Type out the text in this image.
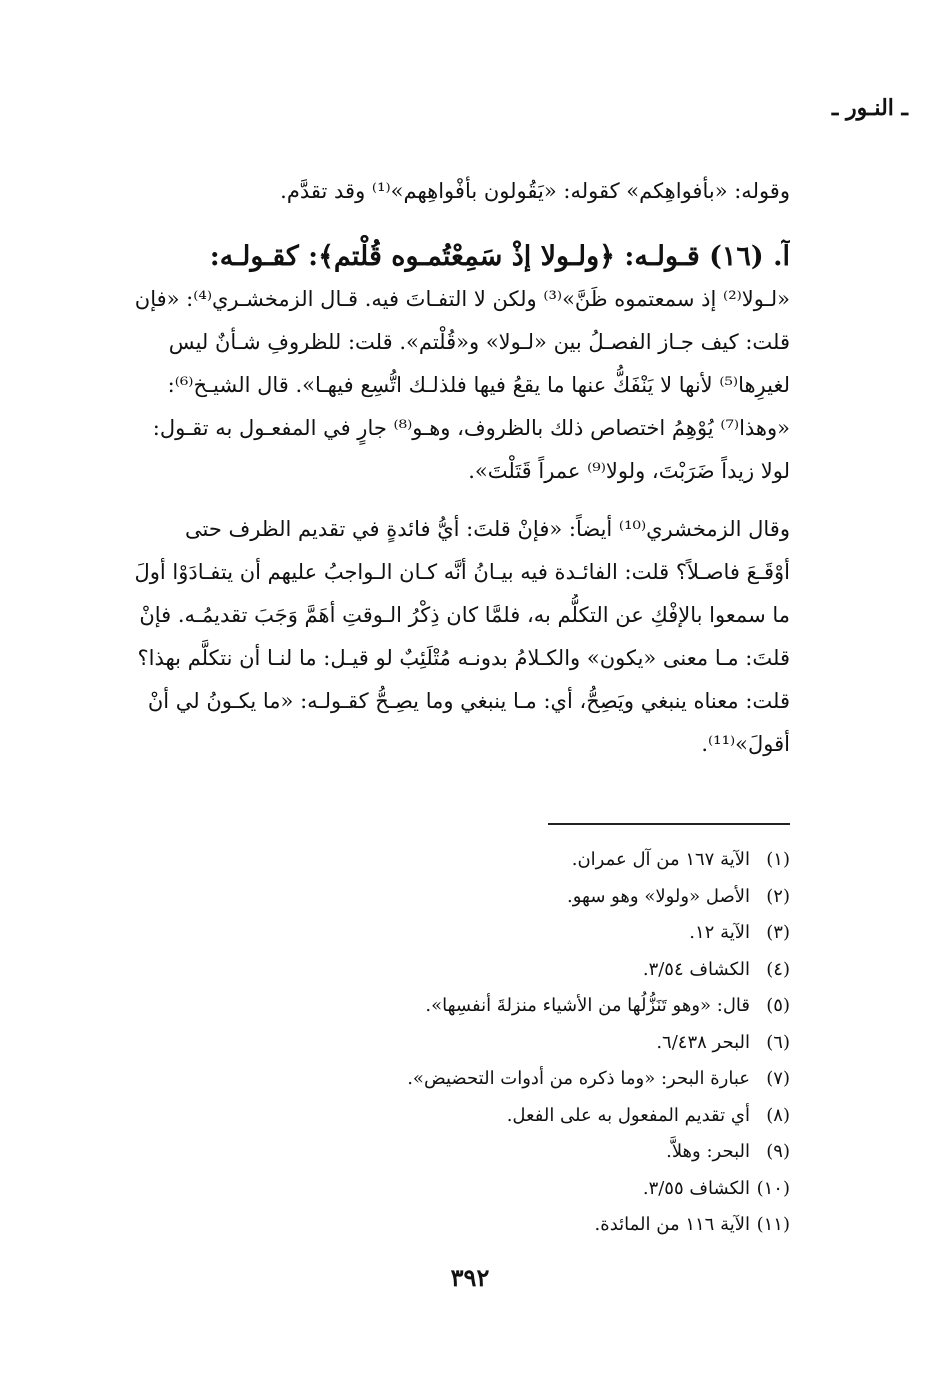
ـ النـور ـ
وقوله: «بأفواهِكم» كقوله: «يَقُولون بأفْواهِهم»⁽¹⁾ وقد تقدَّم.
آ. (١٦) قـولـه: ﴿ولـولا إذْ سَمِعْتُمـوه قُلْتم﴾: كقـولـه:
«لـولا⁽²⁾ إذ سمعتموه ظَنَّ»⁽³⁾ ولكن لا التفـاتَ فيه. قـال الزمخشـري⁽⁴⁾: «فإن
قلت: كيف جـاز الفصـلُ بين «لـولا» و«قُلْتم». قلت: للظروفِ شـأنٌ ليس
لغيرِها⁽⁵⁾ لأنها لا يَنْفَكُّ عنها ما يقعُ فيها فلذلـك اتُّسِع فيهـا». قال الشيـخ⁽⁶⁾:
«وهذا⁽⁷⁾ يُوْهِمُ اختصاص ذلك بالظروف، وهـو⁽⁸⁾ جارٍ في المفعـول به تقـول:
لولا زيداً ضَرَبْتَ، ولولا⁽⁹⁾ عمراً قَتَلْتَ».
وقال الزمخشري⁽¹⁰⁾ أيضاً: «فإنْ قلتَ: أيُّ فائدةٍ في تقديم الظرف حتى
أوْقَـعَ فاصـلاً؟ قلت: الفائـدة فيه بيـانُ أنَّه كـان الـواجبُ عليهم أن يتفـادَوْا أولَ
ما سمعوا بالإفْكِ عن التكلُّم به، فلمَّا كان ذِكْرُ الـوقتِ أهَمَّ وَجَبَ تقديمُـه. فإنْ
قلتَ: مـا معنى «يكون» والكـلامُ بدونـه مُتْلَئِبٌ لو قيـل: ما لنـا أن نتكلَّم بهذا؟
قلت: معناه ينبغي ويَصِحُّ، أي: مـا ينبغي وما يصِـحُّ كقـولـه: «ما يكـونُ لي أنْ
أقولَ»⁽¹¹⁾.
(١)الآية ١٦٧ من آل عمران.
(٢)الأصل «ولولا» وهو سهو.
(٣)الآية ١٢.
(٤)الكشاف ٣/٥٤.
(٥)قال: «وهو تَنَزُّلُها من الأشياء منزلةَ أنفسِها».
(٦)البحر ٦/٤٣٨.
(٧)عبارة البحر: «وما ذكره من أدوات التحضيض».
(٨)أي تقديم المفعول به على الفعل.
(٩)البحر: وهلاَّ.
(١٠)الكشاف ٣/٥٥.
(١١)الآية ١١٦ من المائدة.
٣٩٢
